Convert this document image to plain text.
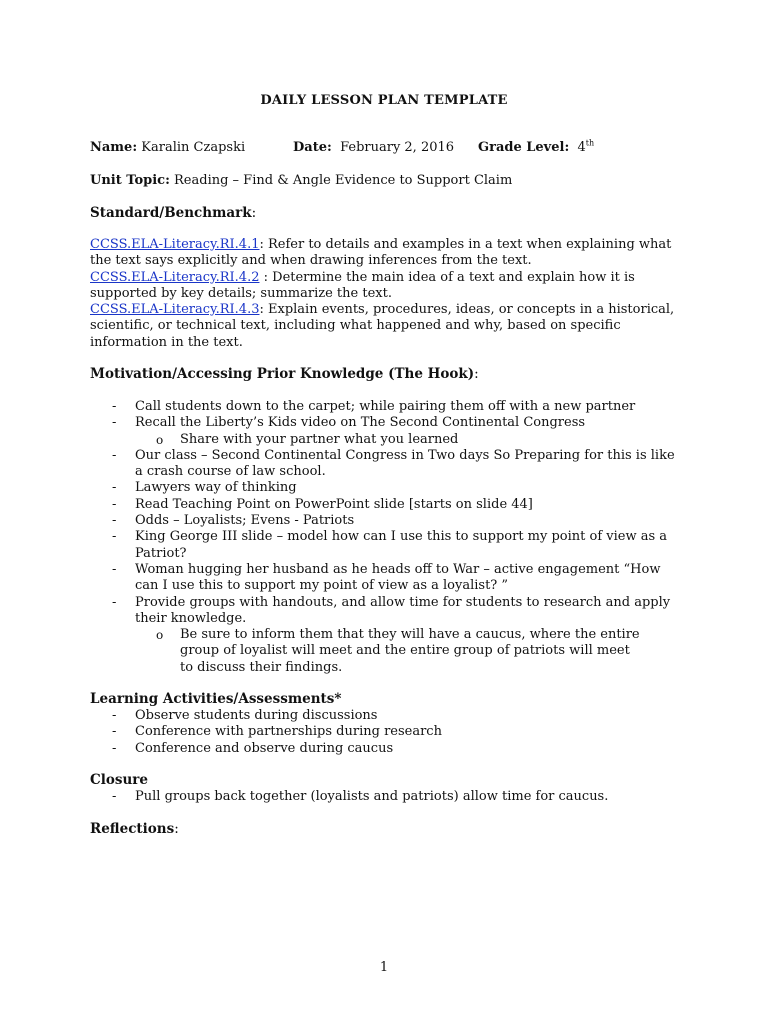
DAILY LESSON PLAN TEMPLATE
Name: Karalin Czapski	Date: February 2, 2016 Grade Level: 4th
Unit Topic: Reading – Find & Angle Evidence to Support Claim
Standard/Benchmark:

CCSS.ELA-Literacy.RI.4.1: Refer to details and examples in a text when explaining what the text says explicitly and when drawing inferences from the text.

CCSS.ELA-Literacy.RI.4.2 : Determine the main idea of a text and explain how it is supported by key details; summarize the text.

CCSS.ELA-Literacy.RI.4.3: Explain events, procedures, ideas, or concepts in a historical, scientific, or technical text, including what happened and why, based on specific information in the text.

Motivation/Accessing Prior Knowledge (The Hook):
- Call students down to the carpet; while pairing them off with a new partner
- Recall the Liberty’s Kids video on The Second Continental Congress
o Share with your partner what you learned
- Our class – Second Continental Congress in Two days So Preparing for this is like a crash course of law school.
- Lawyers way of thinking
- Read Teaching Point on PowerPoint slide [starts on slide 44]
- Odds – Loyalists; Evens - Patriots
- King George III slide – model how can I use this to support my point of view as a Patriot?
- Woman hugging her husband as he heads off to War – active engagement “How can I use this to support my point of view as a loyalist? ”
- Provide groups with handouts, and allow time for students to research and apply their knowledge.
o Be sure to inform them that they will have a caucus, where the entire group of loyalist will meet and the entire group of patriots will meet to discuss their findings.
Learning Activities/Assessments*
- Observe students during discussions
- Conference with partnerships during research
- Conference and observe during caucus
Closure
- Pull groups back together (loyalists and patriots) allow time for caucus.
Reflections:

1
